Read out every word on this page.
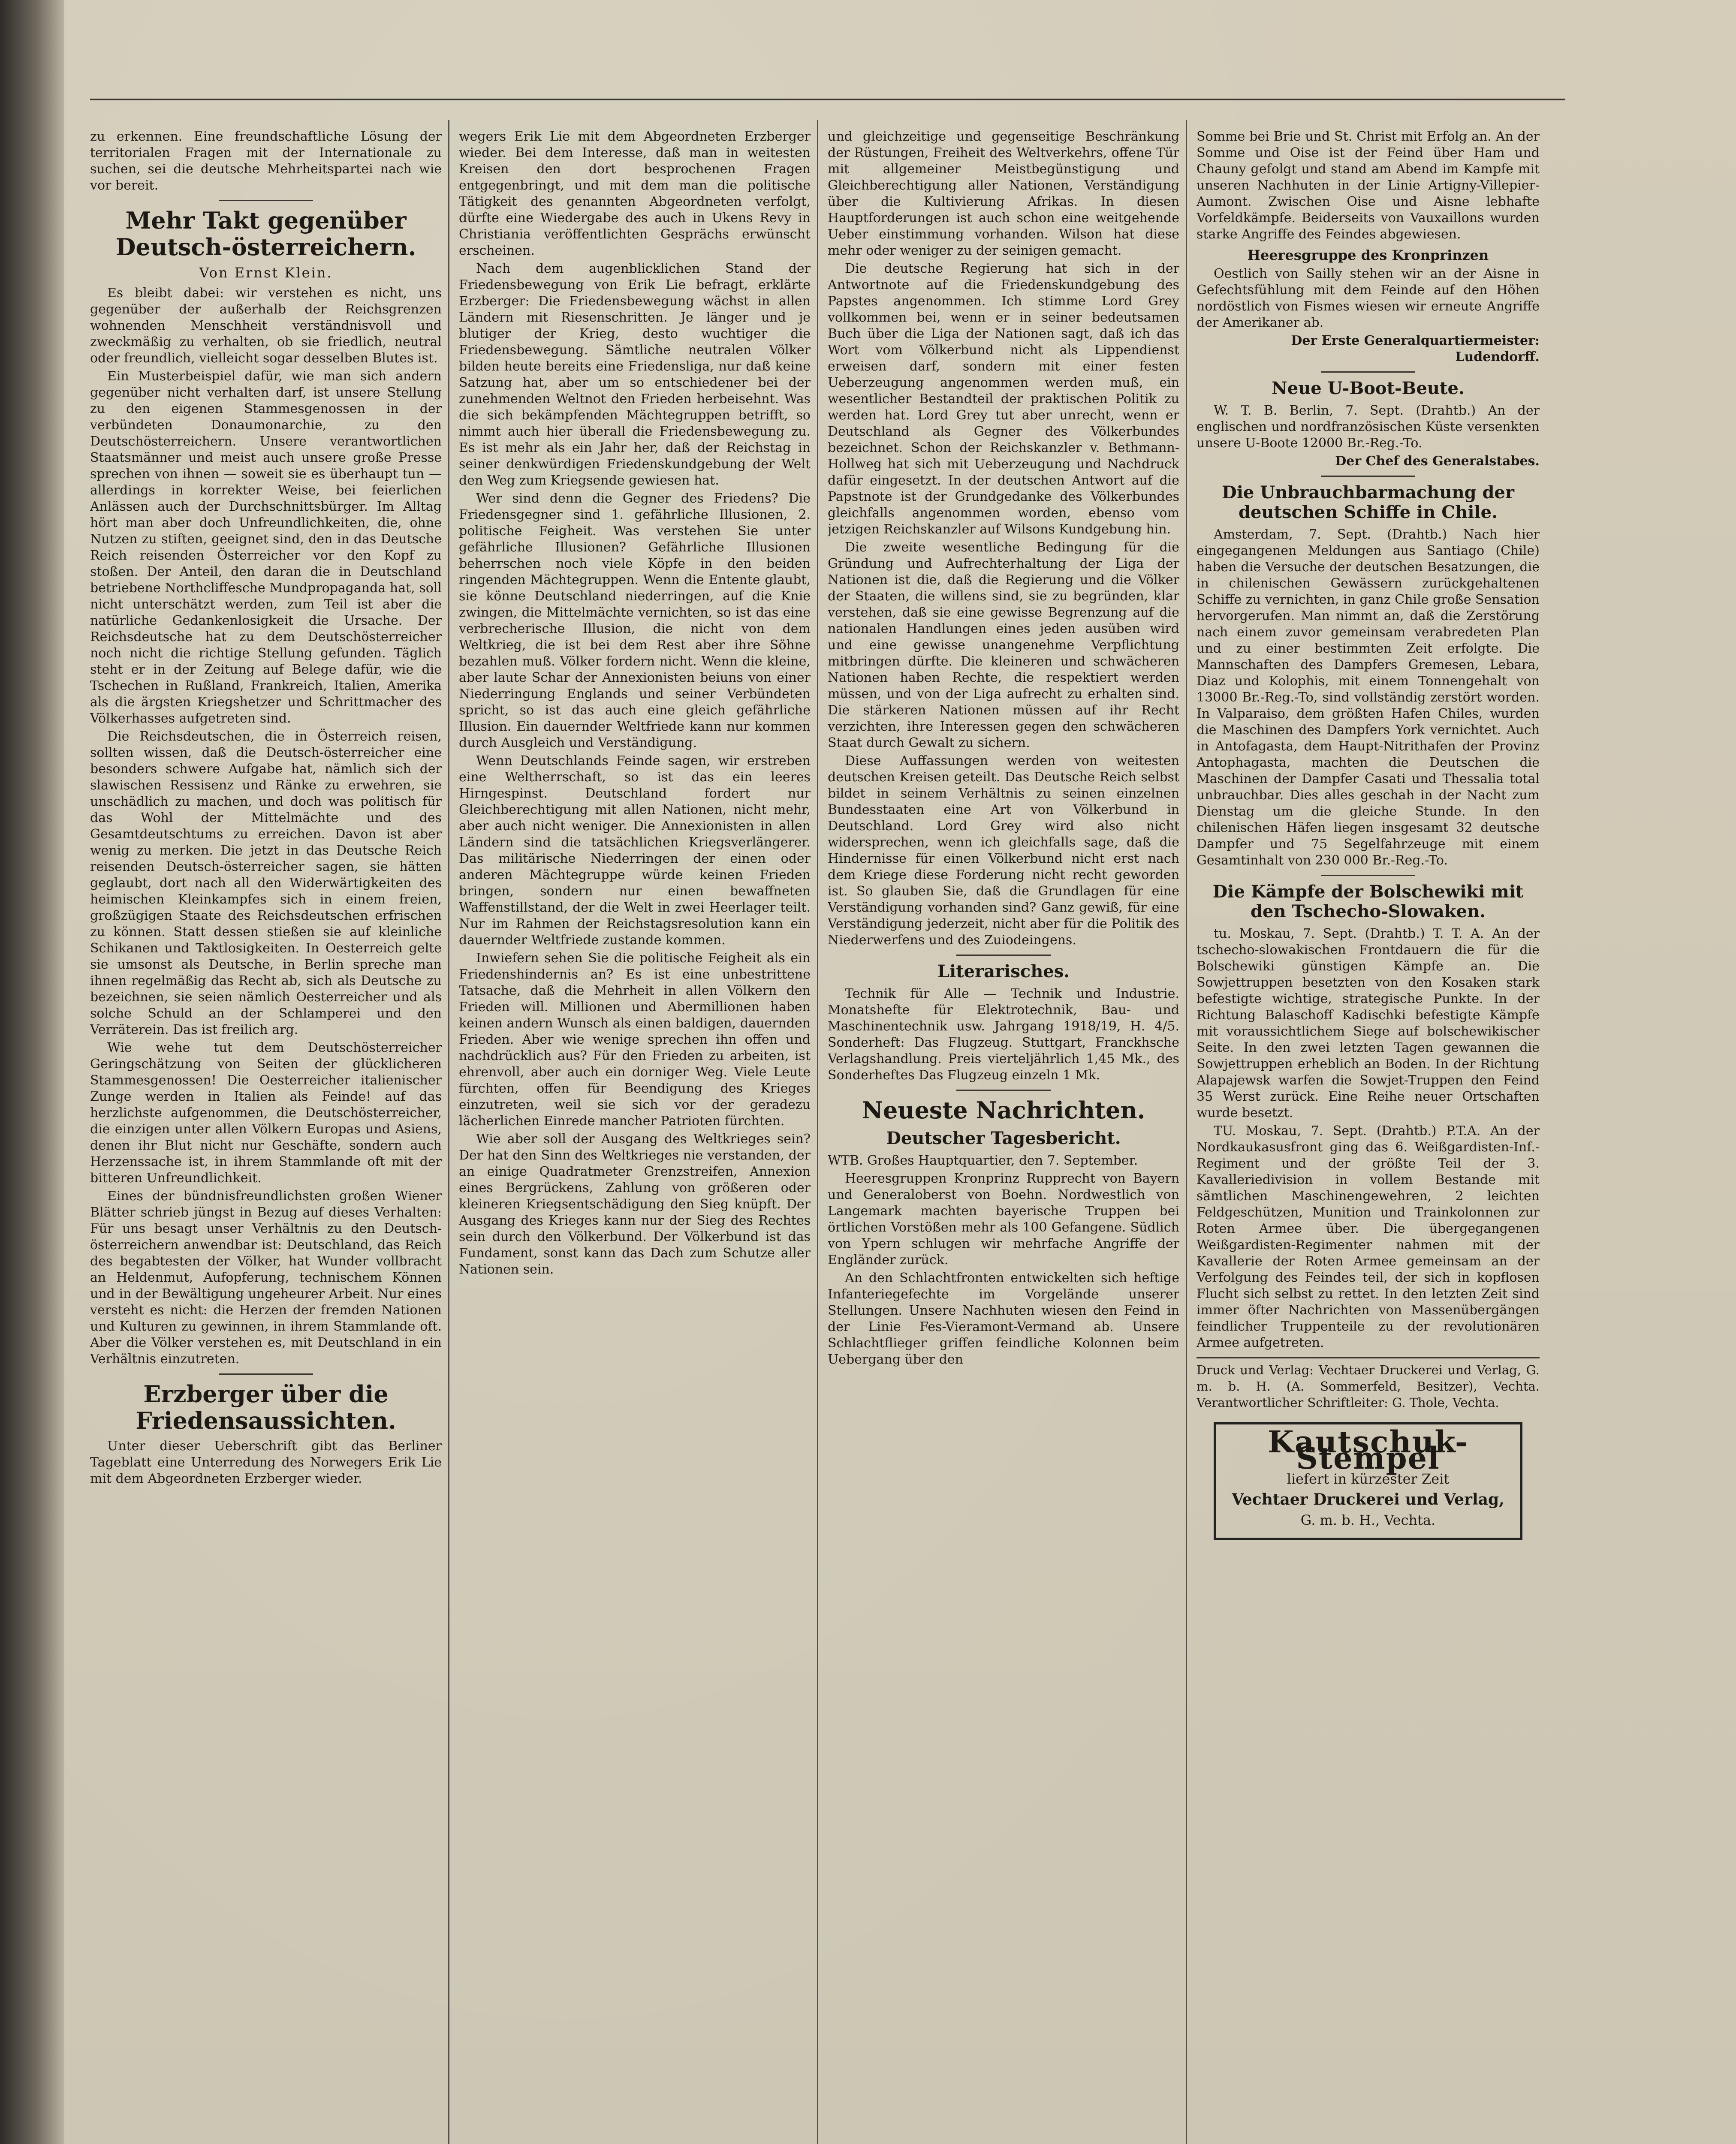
zu erkennen. Eine freundschaftliche Lösung der territorialen Fragen mit der Internationale zu suchen, sei die deutsche Mehrheitspartei nach wie vor bereit.

Mehr Takt gegenüber Deutsch-österreichern.
Von Ernst Klein.

Es bleibt dabei: wir verstehen es nicht, uns gegenüber der außerhalb der Reichsgrenzen wohnenden Menschheit verständnisvoll und zweckmäßig zu verhalten, ob sie friedlich, neutral oder freundlich, vielleicht sogar desselben Blutes ist.

Ein Musterbeispiel dafür, wie man sich andern gegenüber nicht verhalten darf, ist unsere Stellung zu den eigenen Stammesgenossen in der verbündeten Donaumonarchie, zu den Deutschösterreichern. Unsere verantwortlichen Staatsmänner und meist auch unsere große Presse sprechen von ihnen — soweit sie es überhaupt tun — allerdings in korrekter Weise, bei feierlichen Anlässen auch der Durchschnittsbürger. Im Alltag hört man aber doch Unfreundlichkeiten, die, ohne Nutzen zu stiften, geeignet sind, den in das Deutsche Reich reisenden Österreicher vor den Kopf zu stoßen. Der Anteil, den daran die in Deutschland betriebene Northcliffesche Mundpropaganda hat, soll nicht unterschätzt werden, zum Teil ist aber die natürliche Gedankenlosigkeit die Ursache. Der Reichsdeutsche hat zu dem Deutschösterreicher noch nicht die richtige Stellung gefunden. Täglich steht er in der Zeitung auf Belege dafür, wie die Tschechen in Rußland, Frankreich, Italien, Amerika als die ärgsten Kriegshetzer und Schrittmacher des Völkerhasses aufgetreten sind.

Die Reichsdeutschen, die in Österreich reisen, sollten wissen, daß die Deutsch-österreicher eine besonders schwere Aufgabe hat, nämlich sich der slawischen Ressisenz und Ränke zu erwehren, sie unschädlich zu machen, und doch was politisch für das Wohl der Mittelmächte und des Gesamtdeutschtums zu erreichen. Davon ist aber wenig zu merken. Die jetzt in das Deutsche Reich reisenden Deutsch-österreicher sagen, sie hätten geglaubt, dort nach all den Widerwärtigkeiten des heimischen Kleinkampfes sich in einem freien, großzügigen Staate des Reichsdeutschen erfrischen zu können. Statt dessen stießen sie auf kleinliche Schikanen und Taktlosigkeiten. In Oesterreich gelte sie umsonst als Deutsche, in Berlin spreche man ihnen regelmäßig das Recht ab, sich als Deutsche zu bezeichnen, sie seien nämlich Oesterreicher und als solche Schuld an der Schlamperei und den Verräterein. Das ist freilich arg.

Wie wehe tut dem Deutschösterreicher Geringschätzung von Seiten der glücklicheren Stammesgenossen! Die Oesterreicher italienischer Zunge werden in Italien als Feinde! auf das herzlichste aufgenommen, die Deutschösterreicher, die einzigen unter allen Völkern Europas und Asiens, denen ihr Blut nicht nur Geschäfte, sondern auch Herzenssache ist, in ihrem Stammlande oft mit der bitteren Unfreundlichkeit.

Eines der bündnisfreundlichsten großen Wiener Blätter schrieb jüngst in Bezug auf dieses Verhalten: Für uns besagt unser Verhältnis zu den Deutsch-österreichern anwendbar ist: Deutschland, das Reich des begabtesten der Völker, hat Wunder vollbracht an Heldenmut, Aufopferung, technischem Können und in der Bewältigung ungeheurer Arbeit. Nur eines versteht es nicht: die Herzen der fremden Nationen und Kulturen zu gewinnen, in ihrem Stammlande oft. Aber die Völker verstehen es, mit Deutschland in ein Verhältnis einzutreten.

Erzberger über die Friedensaussichten.

Unter dieser Ueberschrift gibt das Berliner Tageblatt eine Unterredung des Norwegers Erik Lie mit dem Abgeordneten Erzberger wieder.

wegers Erik Lie mit dem Abgeordneten Erzberger wieder. Bei dem Interesse, daß man in weitesten Kreisen den dort besprochenen Fragen entgegenbringt, und mit dem man die politische Tätigkeit des genannten Abgeordneten verfolgt, dürfte eine Wiedergabe des auch in Ukens Revy in Christiania veröffentlichten Gesprächs erwünscht erscheinen.

Nach dem augenblicklichen Stand der Friedensbewegung von Erik Lie befragt, erklärte Erzberger: Die Friedensbewegung wächst in allen Ländern mit Riesenschritten. Je länger und je blutiger der Krieg, desto wuchtiger die Friedensbewegung. Sämtliche neutralen Völker bilden heute bereits eine Friedensliga, nur daß keine Satzung hat, aber um so entschiedener bei der zunehmenden Weltnot den Frieden herbeisehnt. Was die sich bekämpfenden Mächtegruppen betrifft, so nimmt auch hier überall die Friedensbewegung zu. Es ist mehr als ein Jahr her, daß der Reichstag in seiner denkwürdigen Friedenskundgebung der Welt den Weg zum Kriegsende gewiesen hat.

Wer sind denn die Gegner des Friedens? Die Friedensgegner sind 1. gefährliche Illusionen, 2. politische Feigheit. Was verstehen Sie unter gefährliche Illusionen? Gefährliche Illusionen beherrschen noch viele Köpfe in den beiden ringenden Mächtegruppen. Wenn die Entente glaubt, sie könne Deutschland niederringen, auf die Knie zwingen, die Mittelmächte vernichten, so ist das eine verbrecherische Illusion, die nicht von dem Weltkrieg, die ist bei dem Rest aber ihre Söhne bezahlen muß. Völker fordern nicht. Wenn die kleine, aber laute Schar der Annexionisten beiuns von einer Niederringung Englands und seiner Verbündeten spricht, so ist das auch eine gleich gefährliche Illusion. Ein dauernder Weltfriede kann nur kommen durch Ausgleich und Verständigung.

Wenn Deutschlands Feinde sagen, wir erstreben eine Weltherrschaft, so ist das ein leeres Hirngespinst. Deutschland fordert nur Gleichberechtigung mit allen Nationen, nicht mehr, aber auch nicht weniger. Die Annexionisten in allen Ländern sind die tatsächlichen Kriegsverlängerer. Das militärische Niederringen der einen oder anderen Mächtegruppe würde keinen Frieden bringen, sondern nur einen bewaffneten Waffenstillstand, der die Welt in zwei Heerlager teilt. Nur im Rahmen der Reichstagsresolution kann ein dauernder Weltfriede zustande kommen.

Inwiefern sehen Sie die politische Feigheit als ein Friedenshindernis an? Es ist eine unbestrittene Tatsache, daß die Mehrheit in allen Völkern den Frieden will. Millionen und Abermillionen haben keinen andern Wunsch als einen baldigen, dauernden Frieden. Aber wie wenige sprechen ihn offen und nachdrücklich aus? Für den Frieden zu arbeiten, ist ehrenvoll, aber auch ein dorniger Weg. Viele Leute fürchten, offen für Beendigung des Krieges einzutreten, weil sie sich vor der geradezu lächerlichen Einrede mancher Patrioten fürchten.

Wie aber soll der Ausgang des Weltkrieges sein? Der hat den Sinn des Weltkrieges nie verstanden, der an einige Quadratmeter Grenzstreifen, Annexion eines Bergrückens, Zahlung von größeren oder kleineren Kriegsentschädigung den Sieg knüpft. Der Ausgang des Krieges kann nur der Sieg des Rechtes sein durch den Völkerbund. Der Völkerbund ist das Fundament, sonst kann das Dach zum Schutze aller Nationen sein.

und gleichzeitige und gegenseitige Beschränkung der Rüstungen, Freiheit des Weltverkehrs, offene Tür mit allgemeiner Meistbegünstigung und Gleichberechtigung aller Nationen, Verständigung über die Kultivierung Afrikas. In diesen Hauptforderungen ist auch schon eine weitgehende Ueber einstimmung vorhanden. Wilson hat diese mehr oder weniger zu der seinigen gemacht.

Die deutsche Regierung hat sich in der Antwortnote auf die Friedenskundgebung des Papstes angenommen. Ich stimme Lord Grey vollkommen bei, wenn er in seiner bedeutsamen Buch über die Liga der Nationen sagt, daß ich das Wort vom Völkerbund nicht als Lippendienst erweisen darf, sondern mit einer festen Ueberzeugung angenommen werden muß, ein wesentlicher Bestandteil der praktischen Politik zu werden hat. Lord Grey tut aber unrecht, wenn er Deutschland als Gegner des Völkerbundes bezeichnet. Schon der Reichskanzler v. Bethmann-Hollweg hat sich mit Ueberzeugung und Nachdruck dafür eingesetzt. In der deutschen Antwort auf die Papstnote ist der Grundgedanke des Völkerbundes gleichfalls angenommen worden, ebenso vom jetzigen Reichskanzler auf Wilsons Kundgebung hin.

Die zweite wesentliche Bedingung für die Gründung und Aufrechterhaltung der Liga der Nationen ist die, daß die Regierung und die Völker der Staaten, die willens sind, sie zu begründen, klar verstehen, daß sie eine gewisse Begrenzung auf die nationalen Handlungen eines jeden ausüben wird und eine gewisse unangenehme Verpflichtung mitbringen dürfte. Die kleineren und schwächeren Nationen haben Rechte, die respektiert werden müssen, und von der Liga aufrecht zu erhalten sind. Die stärkeren Nationen müssen auf ihr Recht verzichten, ihre Interessen gegen den schwächeren Staat durch Gewalt zu sichern.

Diese Auffassungen werden von weitesten deutschen Kreisen geteilt. Das Deutsche Reich selbst bildet in seinem Verhältnis zu seinen einzelnen Bundesstaaten eine Art von Völkerbund in Deutschland. Lord Grey wird also nicht widersprechen, wenn ich gleichfalls sage, daß die Hindernisse für einen Völkerbund nicht erst nach dem Kriege diese Forderung nicht recht geworden ist. So glauben Sie, daß die Grundlagen für eine Verständigung vorhanden sind? Ganz gewiß, für eine Verständigung jederzeit, nicht aber für die Politik des Niederwerfens und des Zuiodeingens.

Literarisches.

Technik für Alle — Technik und Industrie. Monatshefte für Elektrotechnik, Bau- und Maschinentechnik usw. Jahrgang 1918/19, H. 4/5. Sonderheft: Das Flugzeug. Stuttgart, Franckhsche Verlagshandlung. Preis vierteljährlich 1,45 Mk., des Sonderheftes Das Flugzeug einzeln 1 Mk.

Neueste Nachrichten.
Deutscher Tagesbericht.

WTB. Großes Hauptquartier, den 7. September.

Heeresgruppen Kronprinz Rupprecht von Bayern und Generaloberst von Boehn. Nordwestlich von Langemark machten bayerische Truppen bei örtlichen Vorstößen mehr als 100 Gefangene. Südlich von Ypern schlugen wir mehrfache Angriffe der Engländer zurück.

An den Schlachtfronten entwickelten sich heftige Infanteriegefechte im Vorgelände unserer Stellungen. Unsere Nachhuten wiesen den Feind in der Linie Fes-Vieramont-Vermand ab. Unsere Schlachtflieger griffen feindliche Kolonnen beim Uebergang über den

Somme bei Brie und St. Christ mit Erfolg an. An der Somme und Oise ist der Feind über Ham und Chauny gefolgt und stand am Abend im Kampfe mit unseren Nachhuten in der Linie Artigny-Villepier-Aumont. Zwischen Oise und Aisne lebhafte Vorfeldkämpfe. Beiderseits von Vauxaillons wurden starke Angriffe des Feindes abgewiesen.

Heeresgruppe des Kronprinzen

Oestlich von Sailly stehen wir an der Aisne in Gefechtsfühlung mit dem Feinde auf den Höhen nordöstlich von Fismes wiesen wir erneute Angriffe der Amerikaner ab.

Der Erste Generalquartiermeister: Ludendorff.

Neue U-Boot-Beute.

W. T. B. Berlin, 7. Sept. (Drahtb.) An der englischen und nordfranzösischen Küste versenkten unsere U-Boote 12000 Br.-Reg.-To.

Der Chef des Generalstabes.

Die Unbrauchbarmachung der deutschen Schiffe in Chile.

Amsterdam, 7. Sept. (Drahtb.) Nach hier eingegangenen Meldungen aus Santiago (Chile) haben die Versuche der deutschen Besatzungen, die in chilenischen Gewässern zurückgehaltenen Schiffe zu vernichten, in ganz Chile große Sensation hervorgerufen. Man nimmt an, daß die Zerstörung nach einem zuvor gemeinsam verabredeten Plan und zu einer bestimmten Zeit erfolgte. Die Mannschaften des Dampfers Gremesen, Lebara, Diaz und Kolophis, mit einem Tonnengehalt von 13000 Br.-Reg.-To, sind vollständig zerstört worden. In Valparaiso, dem größten Hafen Chiles, wurden die Maschinen des Dampfers York vernichtet. Auch in Antofagasta, dem Haupt-Nitrithafen der Provinz Antophagasta, machten die Deutschen die Maschinen der Dampfer Casati und Thessalia total unbrauchbar. Dies alles geschah in der Nacht zum Dienstag um die gleiche Stunde. In den chilenischen Häfen liegen insgesamt 32 deutsche Dampfer und 75 Segelfahrzeuge mit einem Gesamtinhalt von 230 000 Br.-Reg.-To.

Die Kämpfe der Bolschewiki mit den Tschecho-Slowaken.

tu. Moskau, 7. Sept. (Drahtb.) T. T. A. An der tschecho-slowakischen Frontdauern die für die Bolschewiki günstigen Kämpfe an. Die Sowjettruppen besetzten von den Kosaken stark befestigte wichtige, strategische Punkte. In der Richtung Balaschoff Kadischki befestigte Kämpfe mit voraussichtlichem Siege auf bolschewikischer Seite. In den zwei letzten Tagen gewannen die Sowjettruppen erheblich an Boden. In der Richtung Alapajewsk warfen die Sowjet-Truppen den Feind 35 Werst zurück. Eine Reihe neuer Ortschaften wurde besetzt.

TU. Moskau, 7. Sept. (Drahtb.) P.T.A. An der Nordkaukasusfront ging das 6. Weißgardisten-Inf.-Regiment und der größte Teil der 3. Kavalleriedivision in vollem Bestande mit sämtlichen Maschinengewehren, 2 leichten Feldgeschützen, Munition und Trainkolonnen zur Roten Armee über. Die übergegangenen Weißgardisten-Regimenter nahmen mit der Kavallerie der Roten Armee gemeinsam an der Verfolgung des Feindes teil, der sich in kopflosen Flucht sich selbst zu rettet. In den letzten Zeit sind immer öfter Nachrichten von Massenübergängen feindlicher Truppenteile zu der revolutionären Armee aufgetreten.

Druck und Verlag: Vechtaer Druckerei und Verlag, G. m. b. H. (A. Sommerfeld, Besitzer), Vechta. Verantwortlicher Schriftleiter: G. Thole, Vechta.
Kautschuk-Stempel
liefert in kürzester Zeit
Vechtaer Druckerei und Verlag,
G. m. b. H., Vechta.
